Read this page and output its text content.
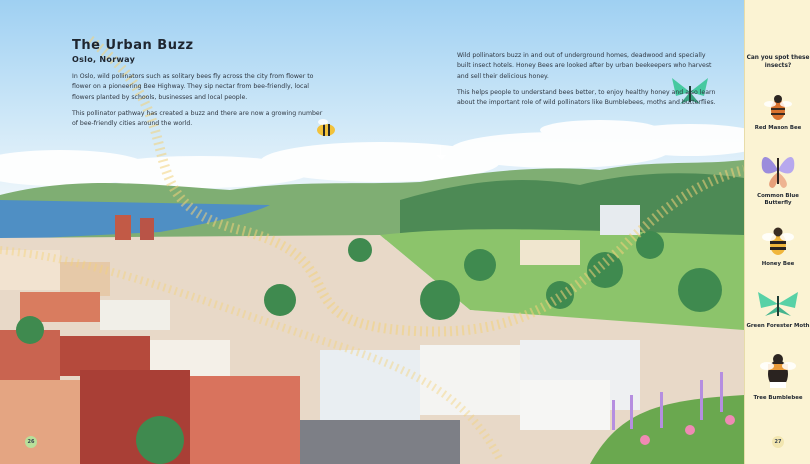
The Urban Buzz
Oslo, Norway

In Oslo, wild pollinators such as solitary bees fly across the city from flower to flower on a pioneering Bee Highway. They sip nectar from bee-friendly, local flowers planted by schools, businesses and local people.

This pollinator pathway has created a buzz and there are now a growing number of bee-friendly cities around the world.

Wild pollinators buzz in and out of underground homes, deadwood and specially built insect hotels. Honey Bees are looked after by urban beekeepers who harvest and sell their delicious honey.

This helps people to understand bees better, to enjoy healthy honey and also learn about the important role of wild pollinators like Bumblebees, moths and butterflies.

26
Can you spot these insects?
Red Mason Bee
Common Blue Butterfly
Honey Bee
Green Forester Moth
Tree Bumblebee
27
